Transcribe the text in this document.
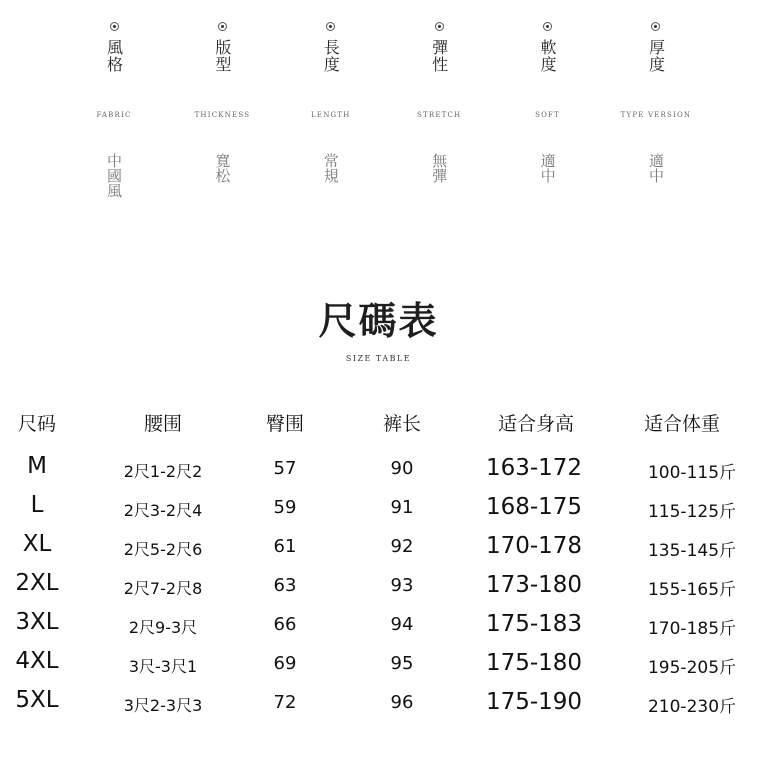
風格
FABRIC
中國風
版型
THICKNESS
寬松
長度
LENGTH
常規
彈性
STRETCH
無彈
軟度
SOFT
適中
厚度
TYPE VERSION
適中
尺碼表
SIZE TABLE
尺码	腰围	臀围	裤长	适合身高	适合体重
M	2尺1-2尺2	57	90	163-172	100-115斤
L	2尺3-2尺4	59	91	168-175	115-125斤
XL	2尺5-2尺6	61	92	170-178	135-145斤
2XL	2尺7-2尺8	63	93	173-180	155-165斤
3XL	2尺9-3尺	66	94	175-183	170-185斤
4XL	3尺-3尺1	69	95	175-180	195-205斤
5XL	3尺2-3尺3	72	96	175-190	210-230斤
